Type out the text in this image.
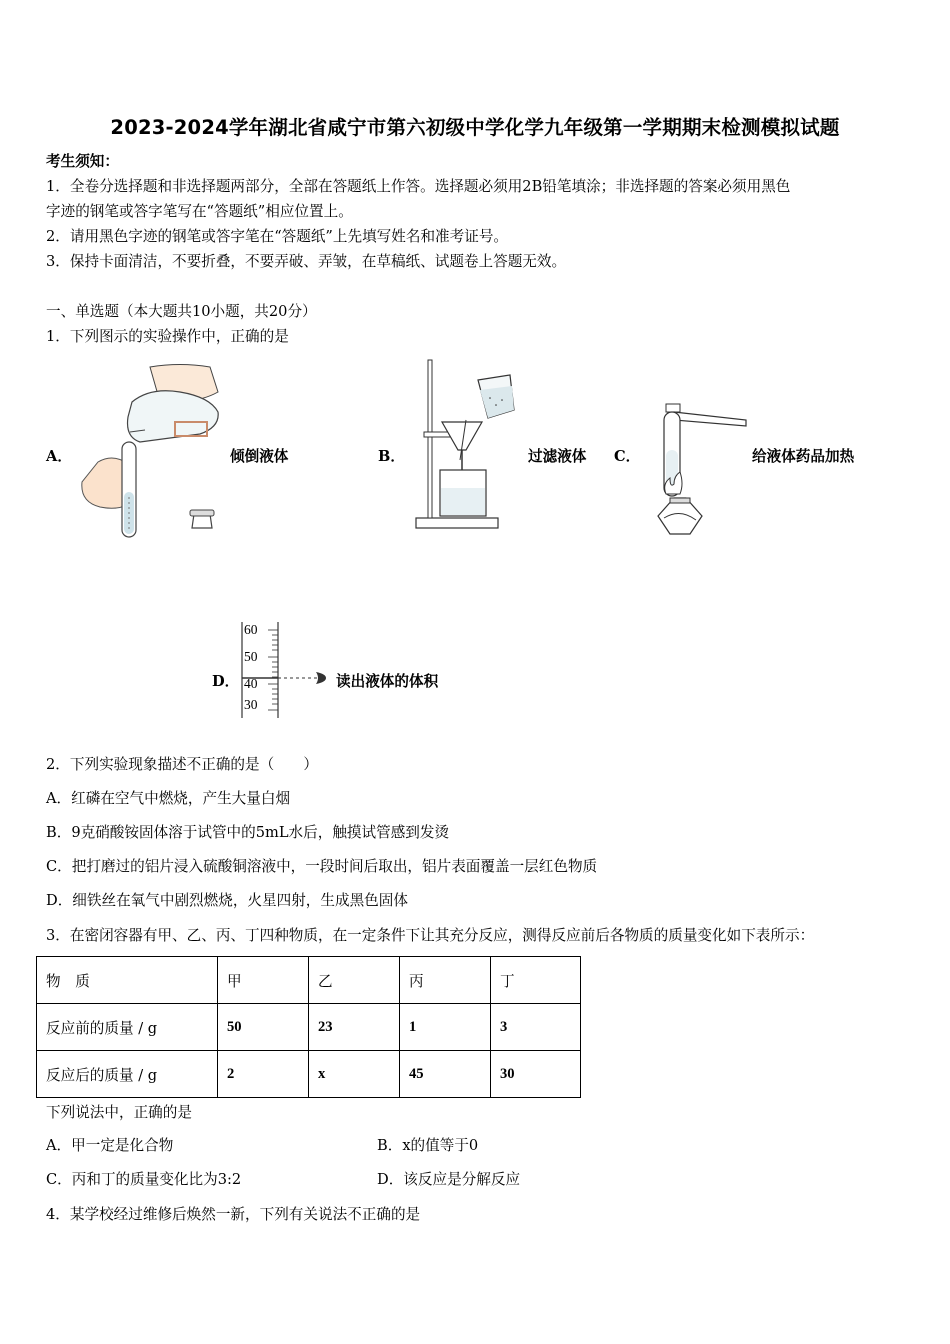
2023-2024学年湖北省咸宁市第六初级中学化学九年级第一学期期末检测模拟试题
考生须知：
1．全卷分选择题和非选择题两部分，全部在答题纸上作答。选择题必须用2B铅笔填涂；非选择题的答案必须用黑色
字迹的钢笔或答字笔写在“答题纸”相应位置上。
2．请用黑色字迹的钢笔或答字笔在“答题纸”上先填写姓名和准考证号。
3．保持卡面清洁，不要折叠，不要弄破、弄皱，在草稿纸、试题卷上答题无效。
一、单选题（本大题共10小题，共20分）
1．下列图示的实验操作中，正确的是
A．	倾倒液体	B．	过滤液体 C．	给液体药品加热
D．
60
50
40
30
读出液体的体积
2．下列实验现象描述不正确的是（　　）
A．红磷在空气中燃烧，产生大量白烟
B．9克硝酸铵固体溶于试管中的5mL水后，触摸试管感到发烫
C．把打磨过的铝片浸入硫酸铜溶液中，一段时间后取出，铝片表面覆盖一层红色物质
D．细铁丝在氧气中剧烈燃烧，火星四射，生成黑色固体
3．在密闭容器有甲、乙、丙、丁四种物质，在一定条件下让其充分反应，测得反应前后各物质的质量变化如下表所示：
物　质	甲	乙	丙	丁
反应前的质量 / g	50	23	1	3
反应后的质量 / g	2	x	45	30
下列说法中，正确的是
A．甲一定是化合物	B．x的值等于0
C．丙和丁的质量变化比为3:2	D．该反应是分解反应
4．某学校经过维修后焕然一新，下列有关说法不正确的是
